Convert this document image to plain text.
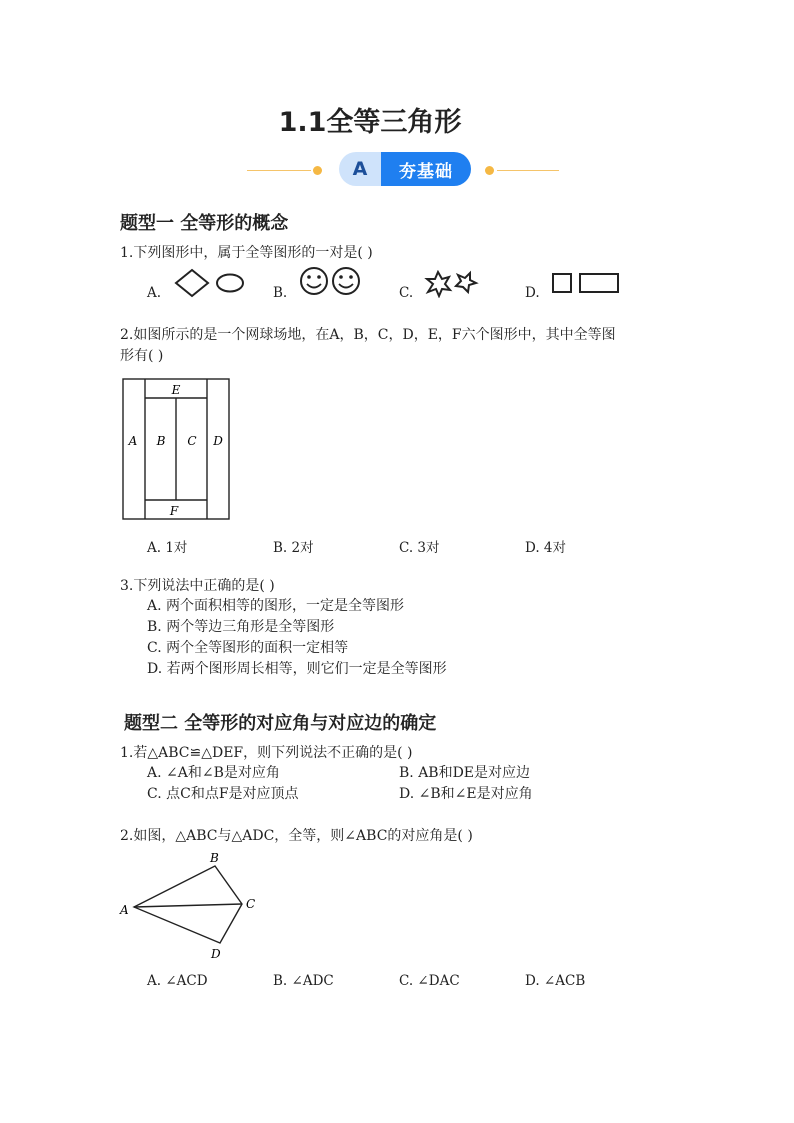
1.1全等三角形
A	夯基础
题型一 全等形的概念
1.下列图形中，属于全等图形的一对是( )
A.	B.	C.	D.
2.如图所示的是一个网球场地，在A，B，C，D，E，F六个图形中，其中全等图
形有( )
A B C D
E
F
A. 1对	B. 2对	C. 3对	D. 4对
3.下列说法中正确的是( )
A. 两个面积相等的图形，一定是全等图形
B. 两个等边三角形是全等图形
C. 两个全等图形的面积一定相等
D. 若两个图形周长相等，则它们一定是全等图形
题型二 全等形的对应角与对应边的确定
1.若△ABC≌△DEF，则下列说法不正确的是( )
A. ∠A和∠B是对应角	B. AB和DE是对应边
C. 点C和点F是对应顶点	D. ∠B和∠E是对应角
2.如图，△ABC与△ADC，全等，则∠ABC的对应角是( )
A
B
C
D
A. ∠ACD	B. ∠ADC	C. ∠DAC	D. ∠ACB
